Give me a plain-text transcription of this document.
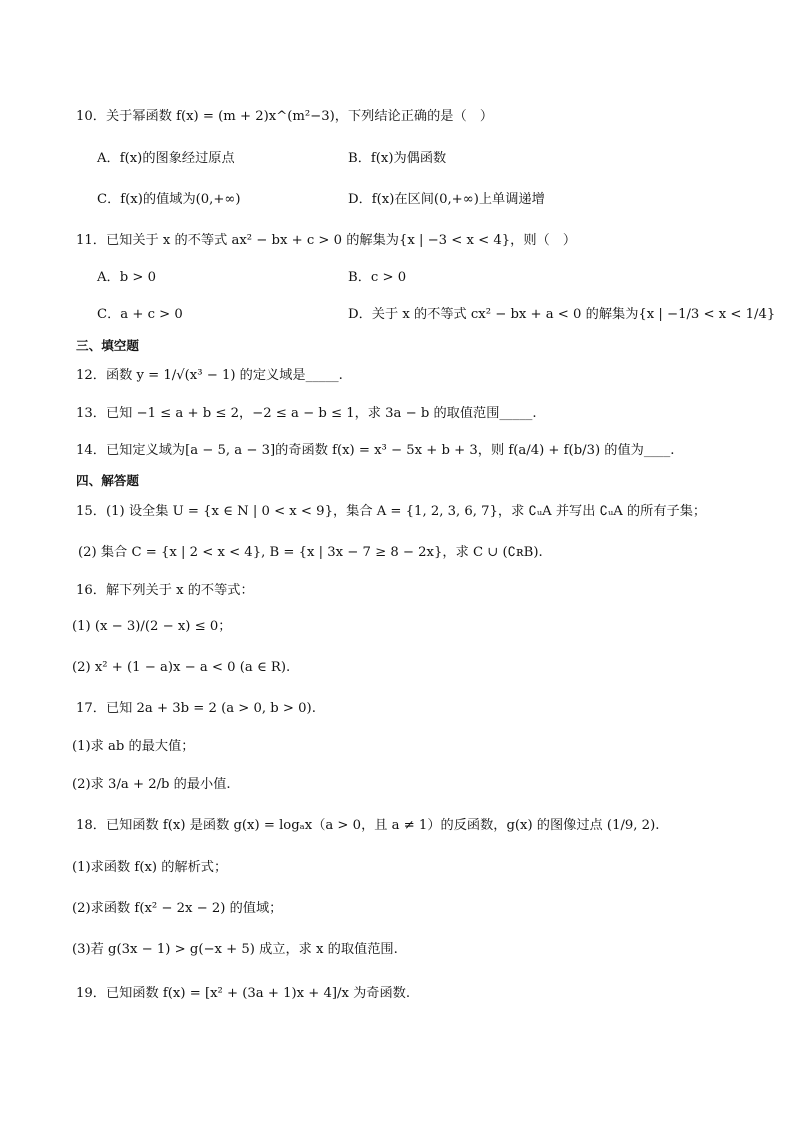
10．关于幂函数 f(x) = (m + 2)x^(m²−3)，下列结论正确的是（　）
A．f(x)的图象经过原点	B．f(x)为偶函数
C．f(x)的值域为(0,+∞)	D．f(x)在区间(0,+∞)上单调递增
11．已知关于 x 的不等式 ax² − bx + c > 0 的解集为{x | −3 < x < 4}，则（　）
A．b > 0	B．c > 0
C．a + c > 0	D．关于 x 的不等式 cx² − bx + a < 0 的解集为{x | −1/3 < x < 1/4}
三、填空题
12．函数 y = 1/√(x³ − 1) 的定义域是_____.
13．已知 −1 ≤ a + b ≤ 2，−2 ≤ a − b ≤ 1，求 3a − b 的取值范围_____.
14．已知定义域为[a − 5, a − 3]的奇函数 f(x) = x³ − 5x + b + 3，则 f(a/4) + f(b/3) 的值为____.
四、解答题
15．(1) 设全集 U = {x ∈ N | 0 < x < 9}，集合 A = {1, 2, 3, 6, 7}，求 ∁ᵤA 并写出 ∁ᵤA 的所有子集；
(2) 集合 C = {x | 2 < x < 4}, B = {x | 3x − 7 ≥ 8 − 2x}，求 C ∪ (∁ʀB).
16．解下列关于 x 的不等式：
(1) (x − 3)/(2 − x) ≤ 0；
(2) x² + (1 − a)x − a < 0 (a ∈ R).
17．已知 2a + 3b = 2 (a > 0, b > 0).
(1)求 ab 的最大值；
(2)求 3/a + 2/b 的最小值.
18．已知函数 f(x) 是函数 g(x) = logₐx（a > 0，且 a ≠ 1）的反函数，g(x) 的图像过点 (1/9, 2).
(1)求函数 f(x) 的解析式；
(2)求函数 f(x² − 2x − 2) 的值域；
(3)若 g(3x − 1) > g(−x + 5) 成立，求 x 的取值范围.
19．已知函数 f(x) = [x² + (3a + 1)x + 4]/x 为奇函数.
